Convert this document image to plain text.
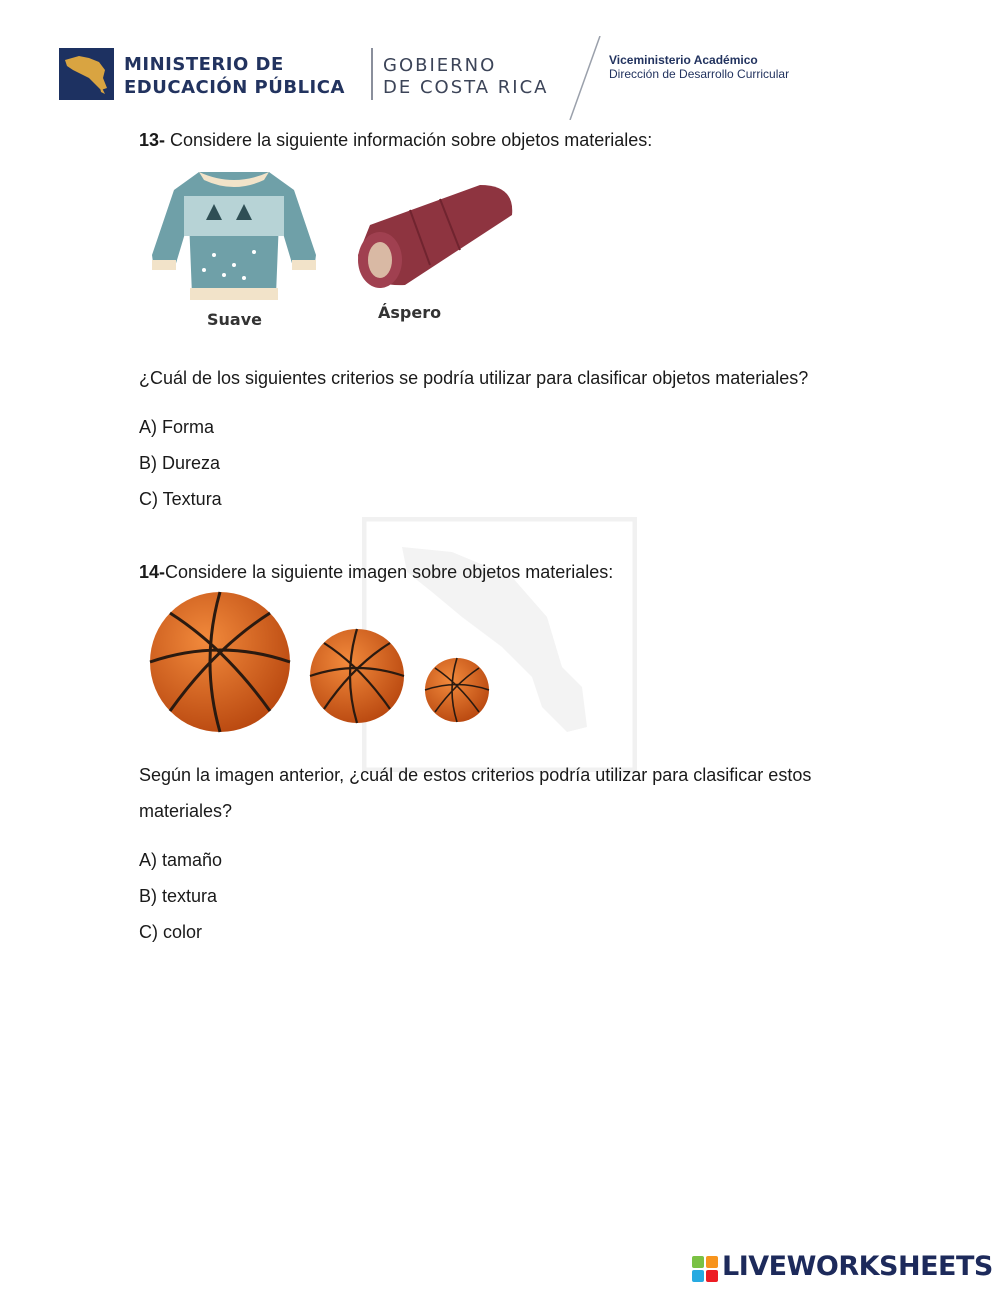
MINISTERIO DE
EDUCACIÓN PÚBLICA
GOBIERNO
DE COSTA RICA
Viceministerio Académico
Dirección de Desarrollo Curricular
13- Considere la siguiente información sobre objetos materiales:
Suave	Áspero
¿Cuál de los siguientes criterios se podría utilizar para clasificar objetos materiales?
A) Forma
B) Dureza
C) Textura
14-Considere la siguiente imagen sobre objetos materiales:
Según la imagen anterior, ¿cuál de estos criterios podría utilizar para clasificar estos
materiales?
A) tamaño
B) textura
C) color
LIVEWORKSHEETS
